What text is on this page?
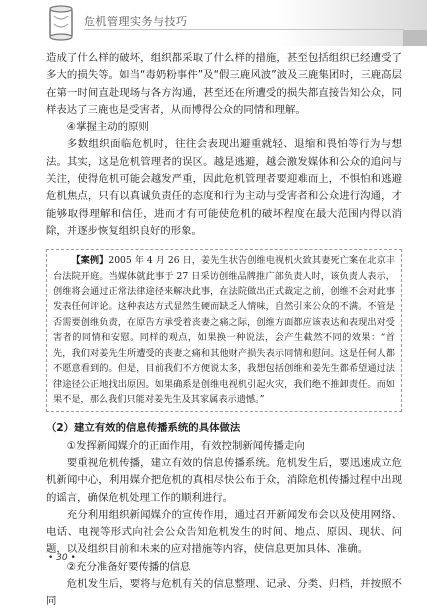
危机管理实务与技巧

造成了什么样的破坏，组织都采取了什么样的措施，甚至包括组织已经遭受了多大的损失等。如当“毒奶粉事件”及“假三鹿风波”波及三鹿集团时，三鹿高层在第一时间直赴现场与各方沟通，甚至还在所遭受的损失都直接告知公众，同样表达了三鹿也是受害者，从而博得公众的同情和理解。

④掌握主动的原则

多数组织面临危机时，往往会表现出避重就轻、退缩和畏怕等行为与想法。其实，这是危机管理者的误区。越是逃避，越会激发媒体和公众的追问与关注，使得危机可能会越发严重，因此危机管理者要迎难而上，不惧怕和逃避危机焦点，只有以真诚负责任的态度和行为主动与受害者和公众进行沟通，才能够取得理解和信任，进而才有可能使危机的破坏程度在最大范围内得以消除，并逐步恢复组织良好的形象。

【案例】2005 年 4 月 26 日，姜先生状告创维电视机火致其妻死亡案在北京丰台法院开庭。当媒体就此事于 27 日采访创维品牌推广部负责人时，该负责人表示，创维将会通过正常法律途径来解决此事，在法院做出正式裁定之前，创维不会对此事发表任何评论。这种表达方式显然生硬而缺乏人情味，自然引来公众的不满。不管是否需要创维负责，在原告方承受着丧妻之痛之际，创维方面都应该表达和表现出对受害者的同情和安慰。同样的观点，如果换一种说法，会产生截然不同的效果：“首先，我们对姜先生所遭受的丧妻之痛和其他财产损失表示同情和慰问。这是任何人都不愿意看到的。但是，目前我们不方便说太多，我想包括创维和姜先生都希望通过法律途径公正地找出原因。如果确系是创维电视机引起火灾，我们绝不推卸责任。而如果不是，那么我们只能对姜先生及其家属表示遗憾。”

（2）建立有效的信息传播系统的具体做法

①发挥新闻媒介的正面作用，有效控制新闻传播走向

要重视危机传播，建立有效的信息传播系统。危机发生后，要迅速成立危机新闻中心，利用媒介把危机的真相尽快公布于众，消除危机传播过程中出现的谣言，确保危机处理工作的顺利进行。

充分利用组织新闻媒介的宣传作用，通过召开新闻发布会以及使用网络、电话、电视等形式向社会公众告知危机发生的时间、地点、原因、现状、问题，以及组织目前和未来的应对措施等内容，使信息更加具体、准确。

②充分准备好要传播的信息

危机发生后，要将与危机有关的信息整理、记录、分类、归档，并按照不同

• 30 •
